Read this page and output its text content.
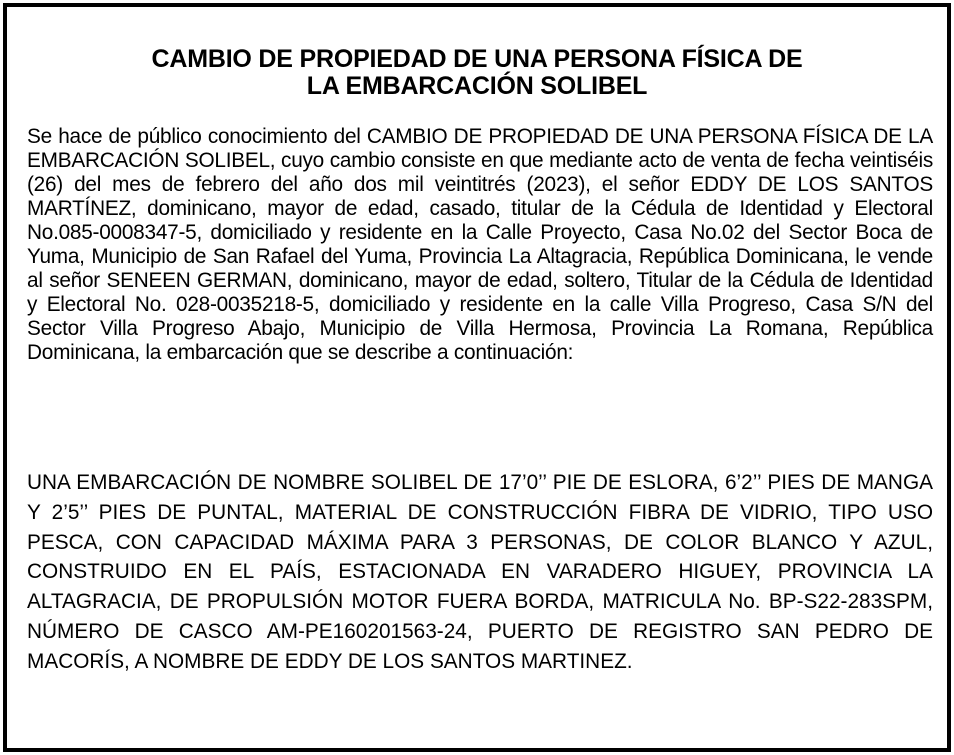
CAMBIO DE PROPIEDAD DE UNA PERSONA FÍSICA DE
LA EMBARCACIÓN SOLIBEL

Se hace de público conocimiento del CAMBIO DE PROPIEDAD DE UNA PERSONA FÍSICA DE LA EMBARCACIÓN SOLIBEL, cuyo cambio consiste en que mediante acto de venta de fecha veintiséis (26) del mes de febrero del año dos mil veintitrés (2023), el señor EDDY DE LOS SANTOS MARTÍNEZ, dominicano, mayor de edad, casado, titular de la Cédula de Identidad y Electoral No.085-0008347-5, domiciliado y residente en la Calle Proyecto, Casa No.02 del Sector Boca de Yuma, Municipio de San Rafael del Yuma, Provincia La Altagracia, República Dominicana, le vende al señor SENEEN GERMAN, dominicano, mayor de edad, soltero, Titular de la Cédula de Identidad y Electoral No. 028-0035218-5, domiciliado y residente en la calle Villa Progreso, Casa S/N del Sector Villa Progreso Abajo, Municipio de Villa Hermosa, Provincia La Romana, República Dominicana, la embarcación que se describe a continuación:

UNA EMBARCACIÓN DE NOMBRE SOLIBEL DE 17’0’’ PIE DE ESLORA, 6’2’’ PIES DE MANGA Y 2’5’’ PIES DE PUNTAL, MATERIAL DE CONSTRUCCIÓN FIBRA DE VIDRIO, TIPO USO PESCA, CON CAPACIDAD MÁXIMA PARA 3 PERSONAS, DE COLOR BLANCO Y AZUL, CONSTRUIDO EN EL PAÍS, ESTACIONADA EN VARADERO HIGUEY, PROVINCIA LA ALTAGRACIA, DE PROPULSIÓN MOTOR FUERA BORDA, MATRICULA No. BP-S22-283SPM, NÚMERO DE CASCO AM-PE160201563-24, PUERTO DE REGISTRO SAN PEDRO DE MACORÍS, A NOMBRE DE EDDY DE LOS SANTOS MARTINEZ.
